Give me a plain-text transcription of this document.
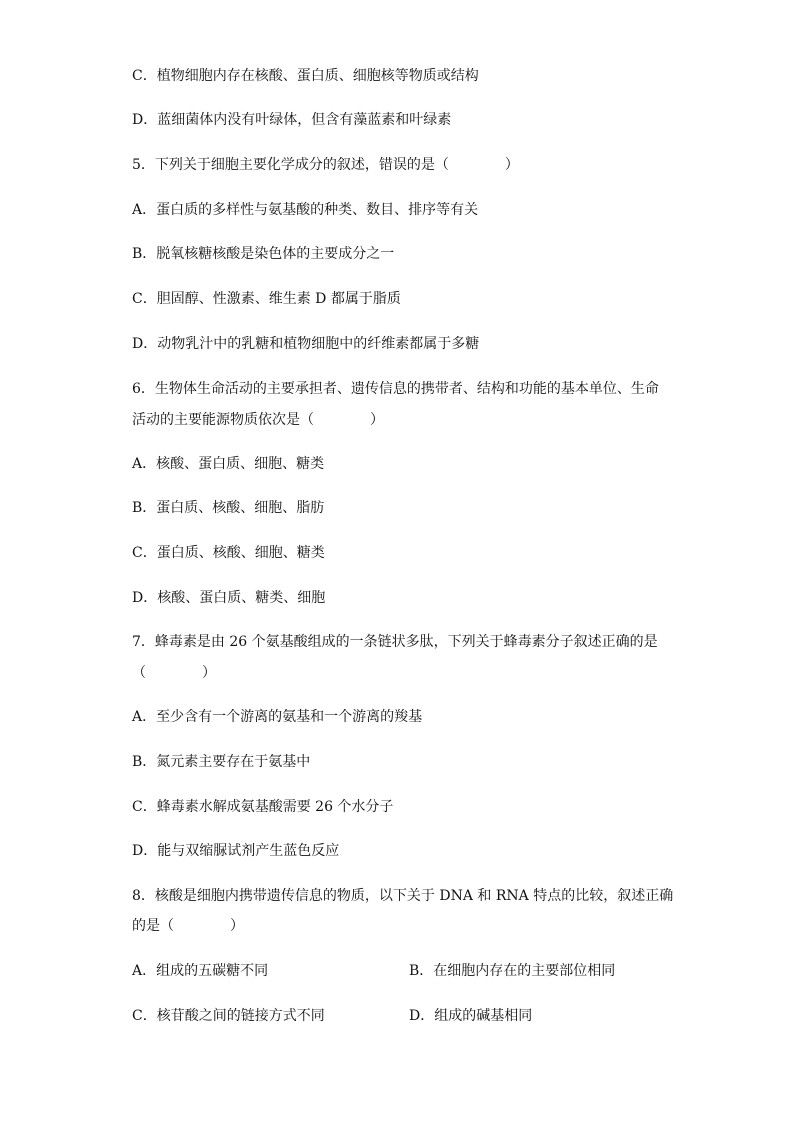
C．植物细胞内存在核酸、蛋白质、细胞核等物质或结构
D．蓝细菌体内没有叶绿体，但含有藻蓝素和叶绿素
5．下列关于细胞主要化学成分的叙述，错误的是（　　　　）
A．蛋白质的多样性与氨基酸的种类、数目、排序等有关
B．脱氧核糖核酸是染色体的主要成分之一
C．胆固醇、性激素、维生素 D 都属于脂质
D．动物乳汁中的乳糖和植物细胞中的纤维素都属于多糖
6．生物体生命活动的主要承担者、遗传信息的携带者、结构和功能的基本单位、生命
活动的主要能源物质依次是（　　　　）
A．核酸、蛋白质、细胞、糖类
B．蛋白质、核酸、细胞、脂肪
C．蛋白质、核酸、细胞、糖类
D．核酸、蛋白质、糖类、细胞
7．蜂毒素是由 26 个氨基酸组成的一条链状多肽，下列关于蜂毒素分子叙述正确的是
（　　　　）
A．至少含有一个游离的氨基和一个游离的羧基
B．氮元素主要存在于氨基中
C．蜂毒素水解成氨基酸需要 26 个水分子
D．能与双缩脲试剂产生蓝色反应
8．核酸是细胞内携带遗传信息的物质，以下关于 DNA 和 RNA 特点的比较，叙述正确
的是（　　　　）
A．组成的五碳糖不同	B．在细胞内存在的主要部位相同
C．核苷酸之间的链接方式不同	D．组成的碱基相同
